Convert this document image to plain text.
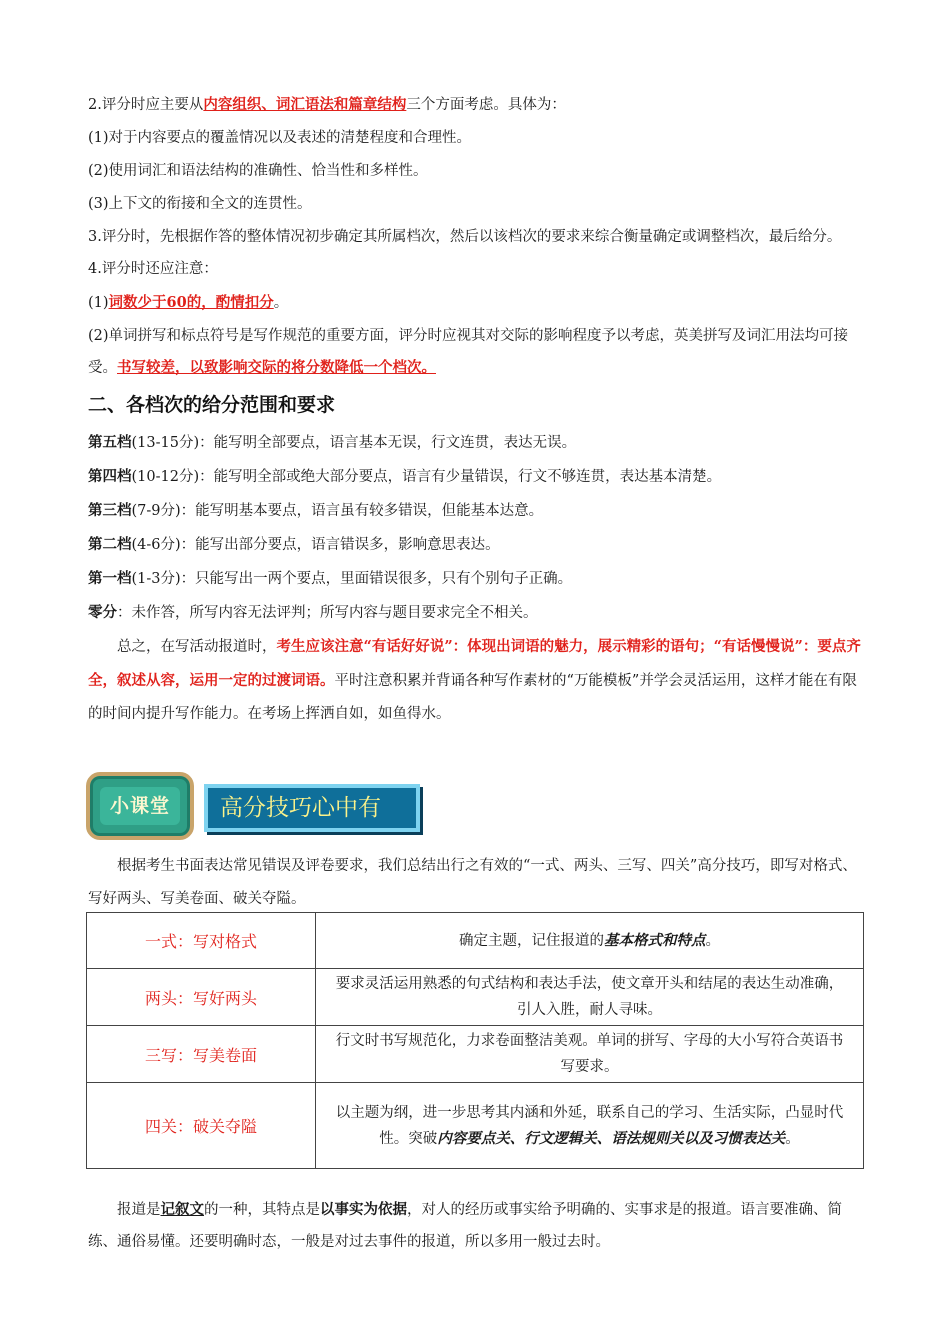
2.评分时应主要从内容组织、词汇语法和篇章结构三个方面考虑。具体为：

(1)对于内容要点的覆盖情况以及表述的清楚程度和合理性。

(2)使用词汇和语法结构的准确性、恰当性和多样性。

(3)上下文的衔接和全文的连贯性。

3.评分时，先根据作答的整体情况初步确定其所属档次，然后以该档次的要求来综合衡量确定或调整档次，最后给分。

4.评分时还应注意：

(1)词数少于60的，酌情扣分。

(2)单词拼写和标点符号是写作规范的重要方面，评分时应视其对交际的影响程度予以考虑，英美拼写及词汇用法均可接受。书写较差，以致影响交际的将分数降低一个档次。

二、各档次的给分范围和要求

第五档(13-15分)：能写明全部要点，语言基本无误，行文连贯，表达无误。

第四档(10-12分)：能写明全部或绝大部分要点，语言有少量错误，行文不够连贯，表达基本清楚。

第三档(7-9分)：能写明基本要点，语言虽有较多错误，但能基本达意。

第二档(4-6分)：能写出部分要点，语言错误多，影响意思表达。

第一档(1-3分)：只能写出一两个要点，里面错误很多，只有个别句子正确。

零分：未作答，所写内容无法评判；所写内容与题目要求完全不相关。

总之，在写活动报道时，考生应该注意“有话好好说”：体现出词语的魅力，展示精彩的语句；“有话慢慢说”：要点齐全，叙述从容，运用一定的过渡词语。平时注意积累并背诵各种写作素材的“万能模板”并学会灵活运用，这样才能在有限的时间内提升写作能力。在考场上挥洒自如，如鱼得水。

小课堂	高分技巧心中有

根据考生书面表达常见错误及评卷要求，我们总结出行之有效的“一式、两头、三写、四关”高分技巧，即写对格式、写好两头、写美卷面、破关夺隘。

一式：写对格式	确定主题，记住报道的基本格式和特点。
两头：写好两头	要求灵活运用熟悉的句式结构和表达手法，使文章开头和结尾的表达生动准确，引人入胜，耐人寻味。
三写：写美卷面	行文时书写规范化，力求卷面整洁美观。单词的拼写、字母的大小写符合英语书写要求。
四关：破关夺隘	以主题为纲，进一步思考其内涵和外延，联系自己的学习、生活实际，凸显时代性。突破内容要点关、行文逻辑关、语法规则关以及习惯表达关。

报道是记叙文的一种，其特点是以事实为依据，对人的经历或事实给予明确的、实事求是的报道。语言要准确、简练、通俗易懂。还要明确时态，一般是对过去事件的报道，所以多用一般过去时。
